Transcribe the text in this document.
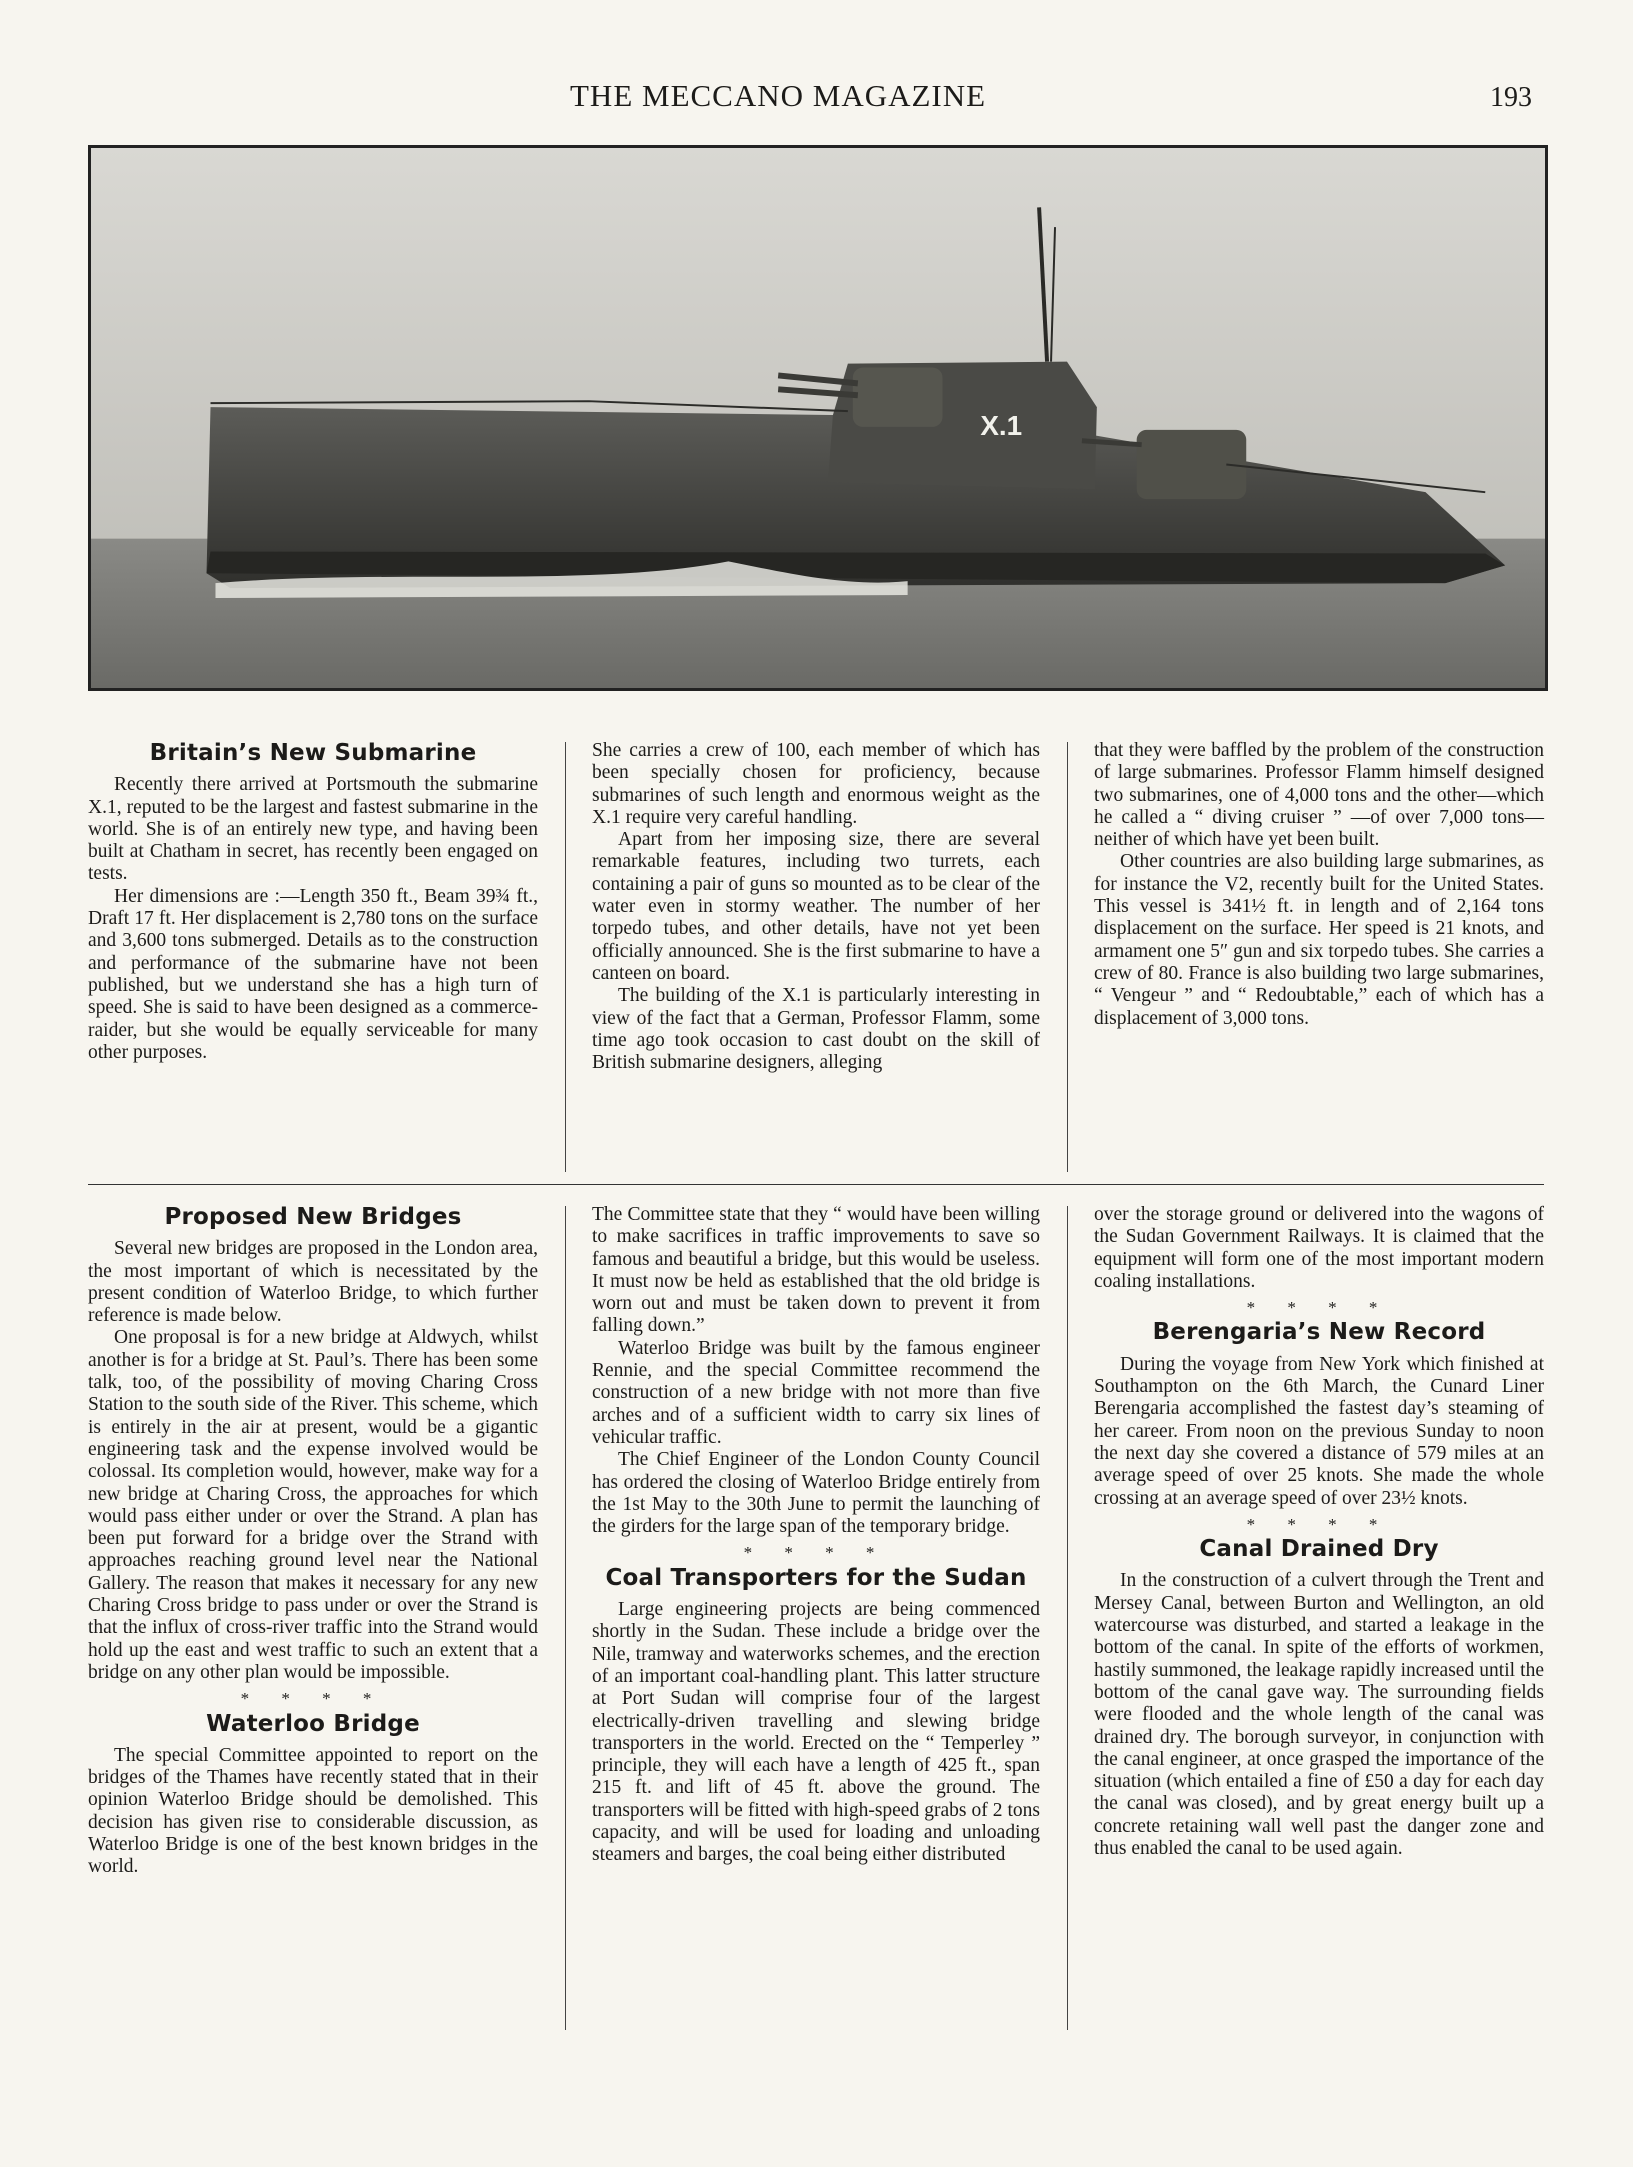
THE MECCANO MAGAZINE	193
X.1
Britain’s New Submarine

Recently there arrived at Portsmouth the submarine X.1, reputed to be the largest and fastest submarine in the world. She is of an entirely new type, and having been built at Chatham in secret, has recently been engaged on tests.

Her dimensions are :—Length 350 ft., Beam 39¾ ft., Draft 17 ft. Her displacement is 2,780 tons on the surface and 3,600 tons submerged. Details as to the construction and performance of the submarine have not been published, but we understand she has a high turn of speed. She is said to have been designed as a commerce-raider, but she would be equally serviceable for many other purposes.

She carries a crew of 100, each member of which has been specially chosen for proficiency, because submarines of such length and enormous weight as the X.1 require very careful handling.

Apart from her imposing size, there are several remarkable features, including two turrets, each containing a pair of guns so mounted as to be clear of the water even in stormy weather. The number of her torpedo tubes, and other details, have not yet been officially announced. She is the first submarine to have a canteen on board.

The building of the X.1 is particularly interesting in view of the fact that a German, Professor Flamm, some time ago took occasion to cast doubt on the skill of British submarine designers, alleging

that they were baffled by the problem of the construction of large submarines. Professor Flamm himself designed two submarines, one of 4,000 tons and the other—which he called a “ diving cruiser ” —of over 7,000 tons—neither of which have yet been built.

Other countries are also building large submarines, as for instance the V2, recently built for the United States. This vessel is 341½ ft. in length and of 2,164 tons displacement on the surface. Her speed is 21 knots, and armament one 5″ gun and six torpedo tubes. She carries a crew of 80. France is also building two large submarines, “ Vengeur ” and “ Redoubtable,” each of which has a displacement of 3,000 tons.

Proposed New Bridges

Several new bridges are proposed in the London area, the most important of which is necessitated by the present condition of Waterloo Bridge, to which further reference is made below.

One proposal is for a new bridge at Aldwych, whilst another is for a bridge at St. Paul’s. There has been some talk, too, of the possibility of moving Charing Cross Station to the south side of the River. This scheme, which is entirely in the air at present, would be a gigantic engineering task and the expense involved would be colossal. Its completion would, however, make way for a new bridge at Charing Cross, the approaches for which would pass either under or over the Strand. A plan has been put forward for a bridge over the Strand with approaches reaching ground level near the National Gallery. The reason that makes it necessary for any new Charing Cross bridge to pass under or over the Strand is that the influx of cross-river traffic into the Strand would hold up the east and west traffic to such an extent that a bridge on any other plan would be impossible.

* * * *
Waterloo Bridge

The special Committee appointed to report on the bridges of the Thames have recently stated that in their opinion Waterloo Bridge should be demolished. This decision has given rise to considerable discussion, as Waterloo Bridge is one of the best known bridges in the world.

The Committee state that they “ would have been willing to make sacrifices in traffic improvements to save so famous and beautiful a bridge, but this would be useless. It must now be held as established that the old bridge is worn out and must be taken down to prevent it from falling down.”

Waterloo Bridge was built by the famous engineer Rennie, and the special Committee recommend the construction of a new bridge with not more than five arches and of a sufficient width to carry six lines of vehicular traffic.

The Chief Engineer of the London County Council has ordered the closing of Waterloo Bridge entirely from the 1st May to the 30th June to permit the launching of the girders for the large span of the temporary bridge.

* * * *
Coal Transporters for the Sudan

Large engineering projects are being commenced shortly in the Sudan. These include a bridge over the Nile, tramway and waterworks schemes, and the erection of an important coal-handling plant. This latter structure at Port Sudan will comprise four of the largest electrically-driven travelling and slewing bridge transporters in the world. Erected on the “ Temperley ” principle, they will each have a length of 425 ft., span 215 ft. and lift of 45 ft. above the ground. The transporters will be fitted with high-speed grabs of 2 tons capacity, and will be used for loading and unloading steamers and barges, the coal being either distributed

over the storage ground or delivered into the wagons of the Sudan Government Railways. It is claimed that the equipment will form one of the most important modern coaling installations.

* * * *
Berengaria’s New Record

During the voyage from New York which finished at Southampton on the 6th March, the Cunard Liner Berengaria accomplished the fastest day’s steaming of her career. From noon on the previous Sunday to noon the next day she covered a distance of 579 miles at an average speed of over 25 knots. She made the whole crossing at an average speed of over 23½ knots.

* * * *
Canal Drained Dry

In the construction of a culvert through the Trent and Mersey Canal, between Burton and Wellington, an old watercourse was disturbed, and started a leakage in the bottom of the canal. In spite of the efforts of workmen, hastily summoned, the leakage rapidly increased until the bottom of the canal gave way. The surrounding fields were flooded and the whole length of the canal was drained dry. The borough surveyor, in conjunction with the canal engineer, at once grasped the importance of the situation (which entailed a fine of £50 a day for each day the canal was closed), and by great energy built up a concrete retaining wall well past the danger zone and thus enabled the canal to be used again.
